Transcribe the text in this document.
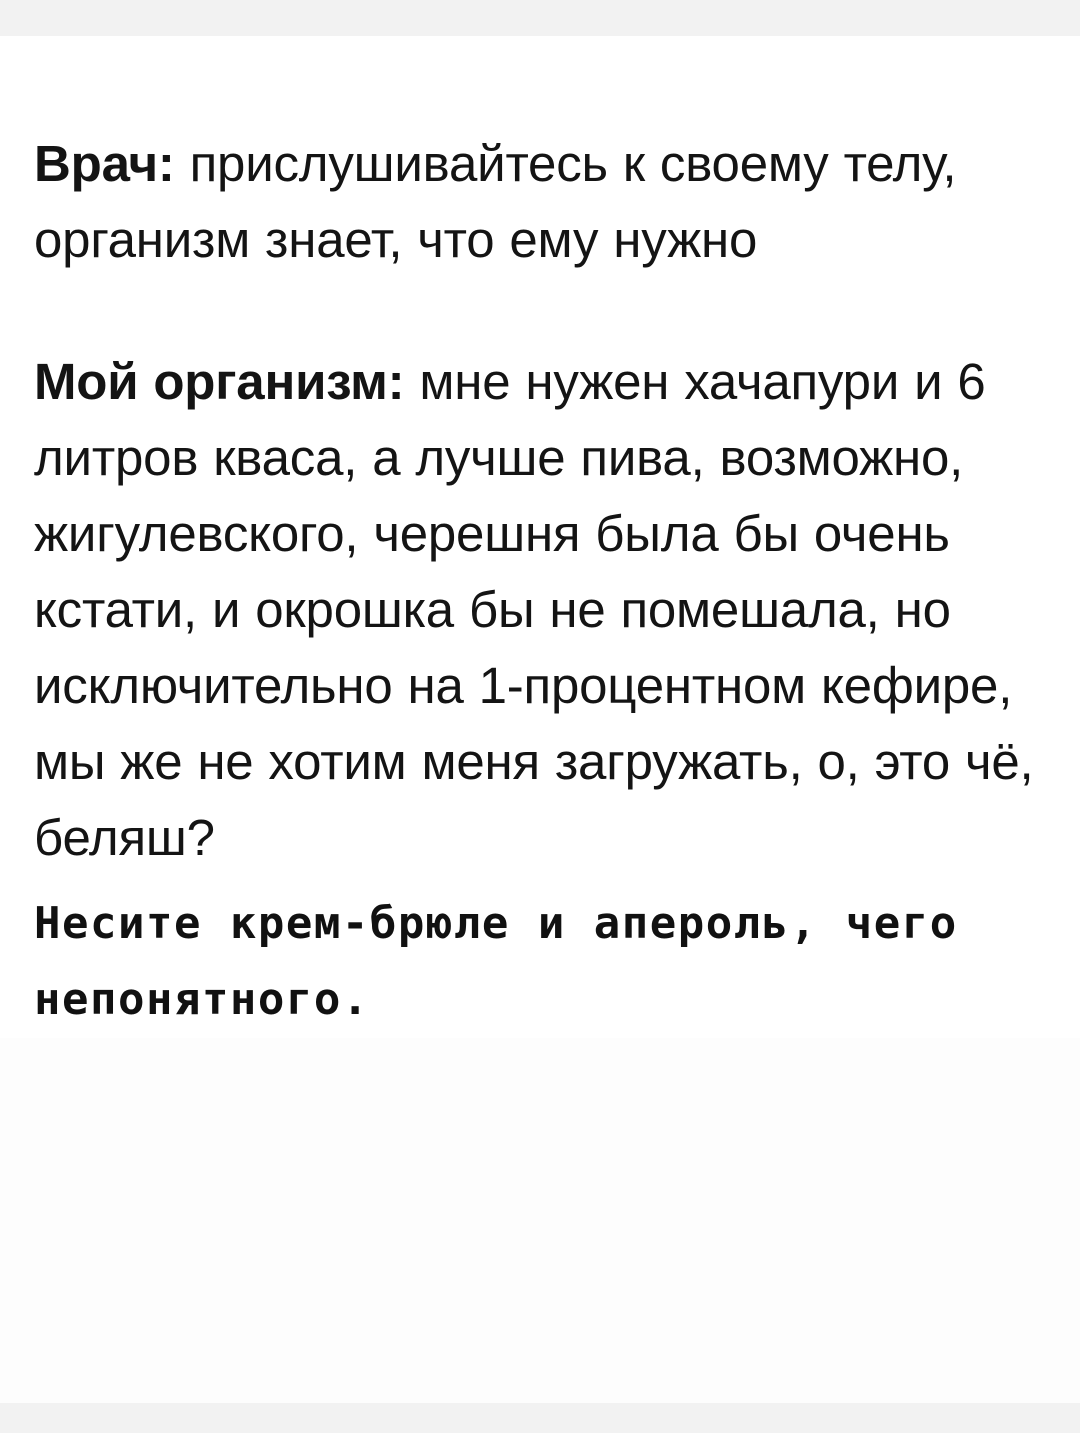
Врач: прислушивайтесь к своему телу, организм знает, что ему нужно

Мой организм: мне нужен хачапури и 6 литров кваса, а лучше пива, возможно, жигулевского, черешня была бы очень кстати, и окрошка бы не помешала, но исключительно на 1-процентном кефире, мы же не хотим меня загружать, о, это чё, беляш?

Несите крем-брюле и апероль, чего непонятного.
